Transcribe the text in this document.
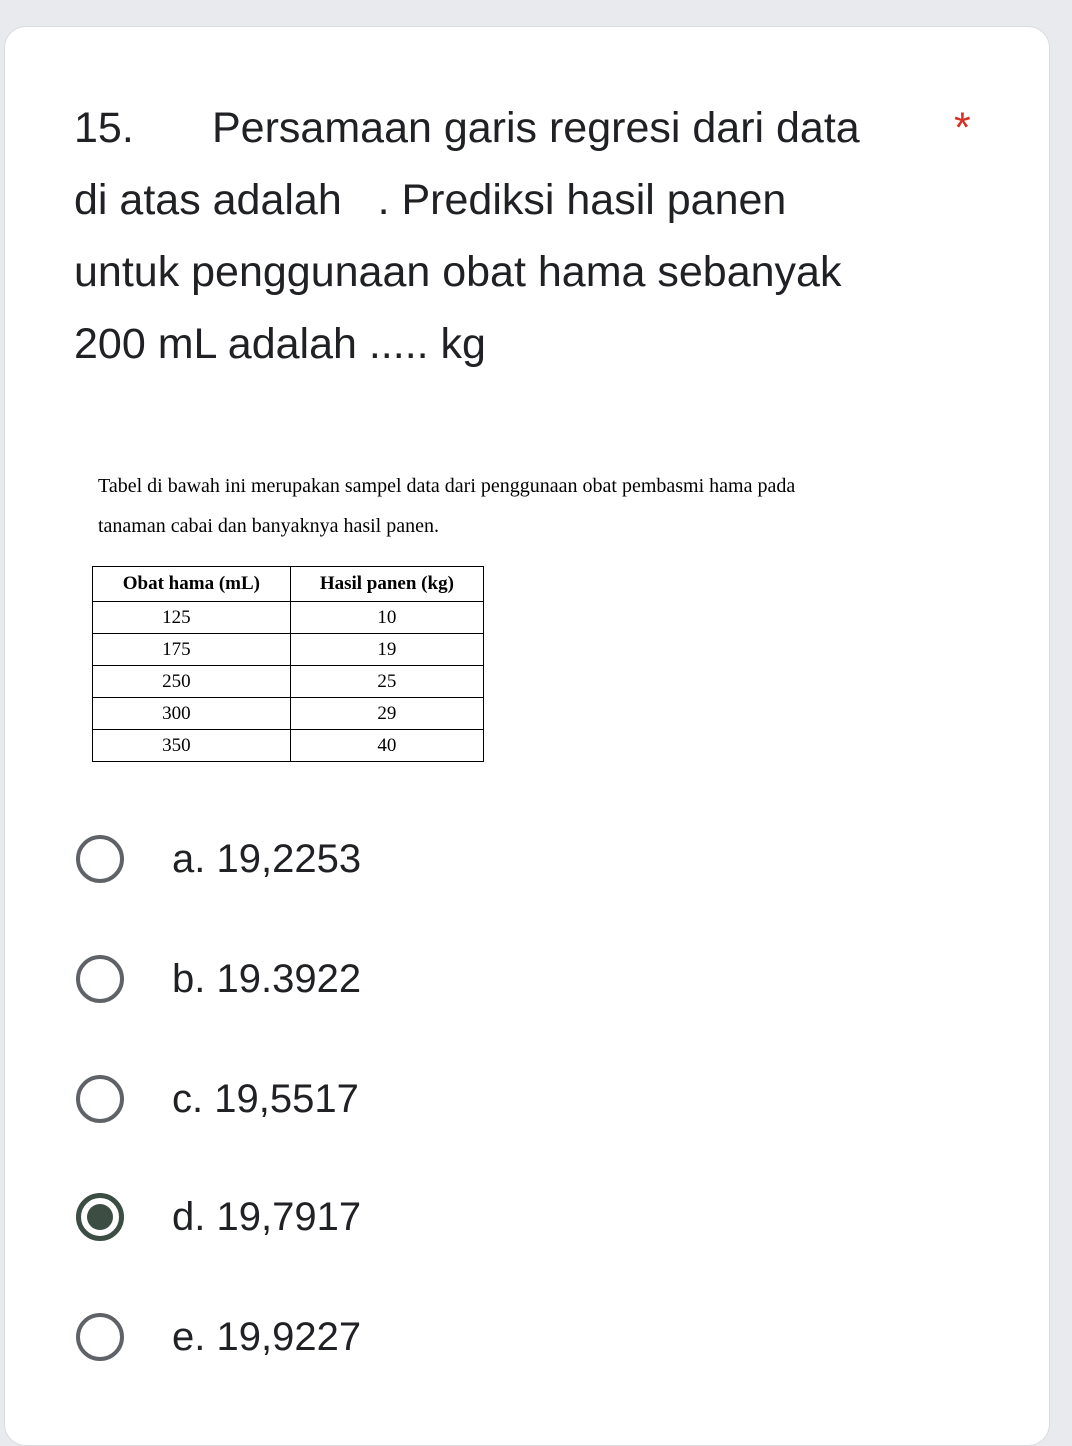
15. Persamaan garis regresi dari data	*
di atas adalah   . Prediksi hasil panen
untuk penggunaan obat hama sebanyak
200 mL adalah ..... kg
Tabel di bawah ini merupakan sampel data dari penggunaan obat pembasmi hama pada
tanaman cabai dan banyaknya hasil panen.
Obat hama (mL)	Hasil panen (kg)
125	10
175	19
250	25
300	29
350	40
a. 19,2253
b. 19.3922
c. 19,5517
d. 19,7917
e. 19,9227
